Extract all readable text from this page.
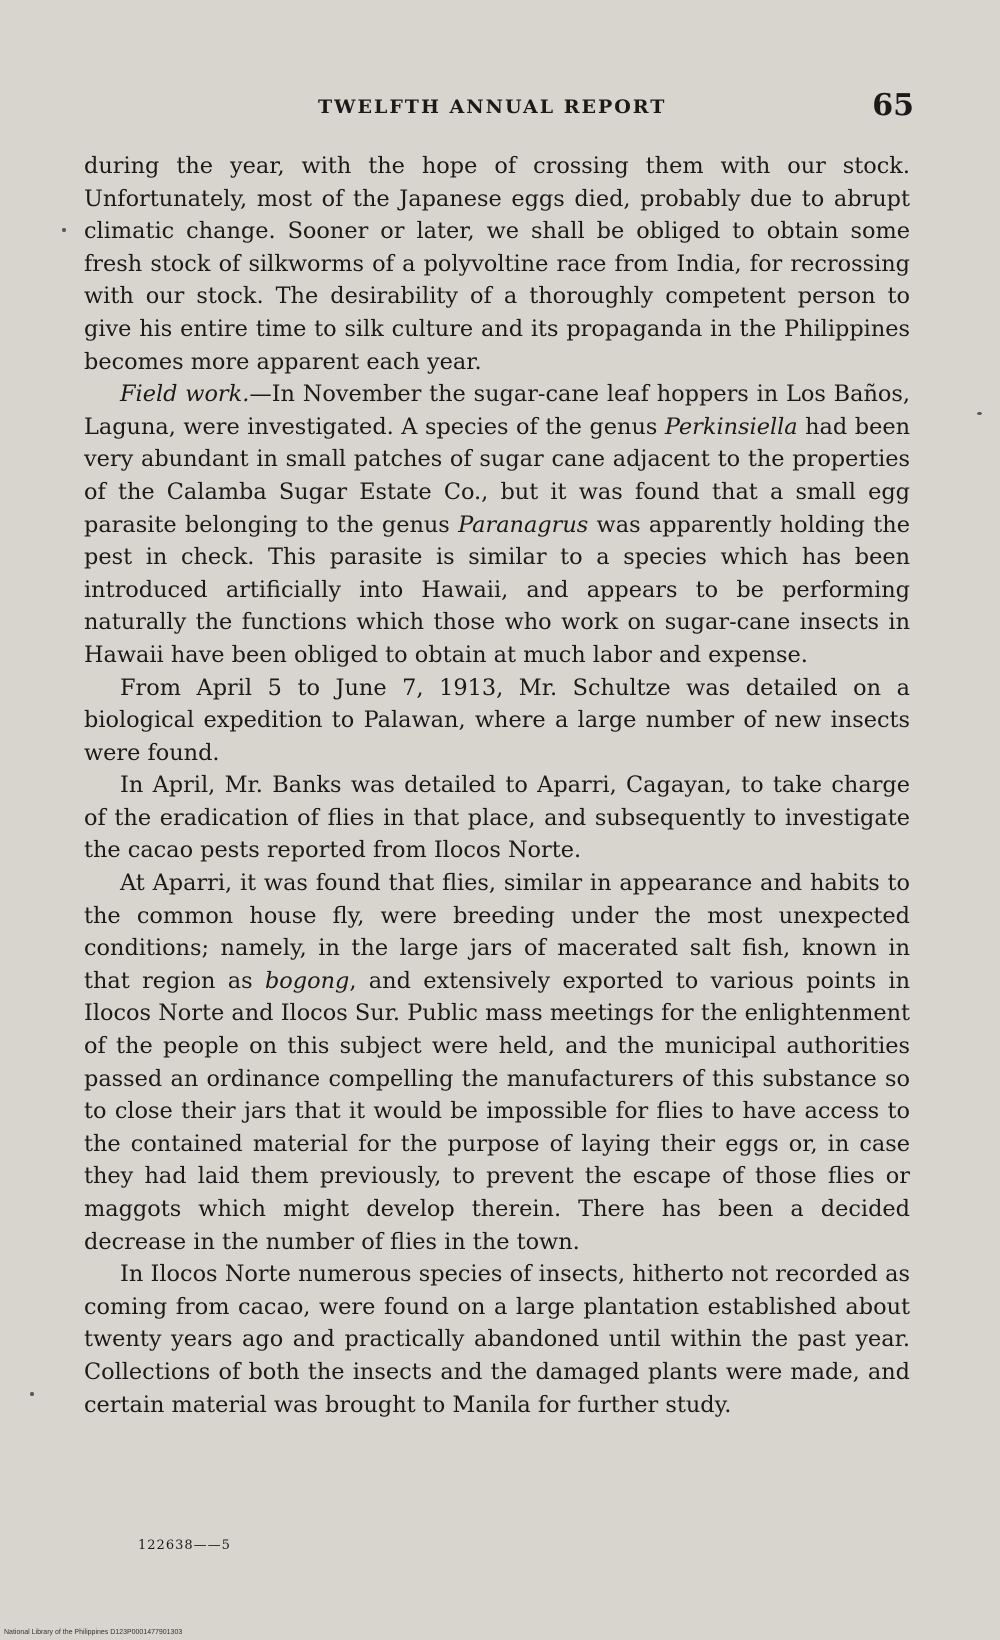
TWELFTH ANNUAL REPORT	65

during the year, with the hope of crossing them with our stock. Unfortunately, most of the Japanese eggs died, probably due to abrupt climatic change. Sooner or later, we shall be obliged to obtain some fresh stock of silkworms of a polyvoltine race from India, for recrossing with our stock. The desirability of a thoroughly competent person to give his entire time to silk culture and its propaganda in the Philippines becomes more apparent each year.

Field work.—In November the sugar-cane leaf hoppers in Los Baños, Laguna, were investigated. A species of the genus Perkinsiella had been very abundant in small patches of sugar cane adjacent to the properties of the Calamba Sugar Estate Co., but it was found that a small egg parasite belonging to the genus Paranagrus was apparently holding the pest in check. This parasite is similar to a species which has been introduced artificially into Hawaii, and appears to be performing naturally the functions which those who work on sugar-cane insects in Hawaii have been obliged to obtain at much labor and expense.

From April 5 to June 7, 1913, Mr. Schultze was detailed on a biological expedition to Palawan, where a large number of new insects were found.

In April, Mr. Banks was detailed to Aparri, Cagayan, to take charge of the eradication of flies in that place, and subsequently to investigate the cacao pests reported from Ilocos Norte.

At Aparri, it was found that flies, similar in appearance and habits to the common house fly, were breeding under the most unexpected conditions; namely, in the large jars of macerated salt fish, known in that region as bogong, and extensively exported to various points in Ilocos Norte and Ilocos Sur. Public mass meetings for the enlightenment of the people on this subject were held, and the municipal authorities passed an ordinance compelling the manufacturers of this substance so to close their jars that it would be impossible for flies to have access to the contained material for the purpose of laying their eggs or, in case they had laid them previously, to prevent the escape of those flies or maggots which might develop therein. There has been a decided decrease in the number of flies in the town.

In Ilocos Norte numerous species of insects, hitherto not recorded as coming from cacao, were found on a large plantation established about twenty years ago and practically abandoned until within the past year. Collections of both the insects and the damaged plants were made, and certain material was brought to Manila for further study.

122638——5
National Library of the Philippines D123P0001477901303
